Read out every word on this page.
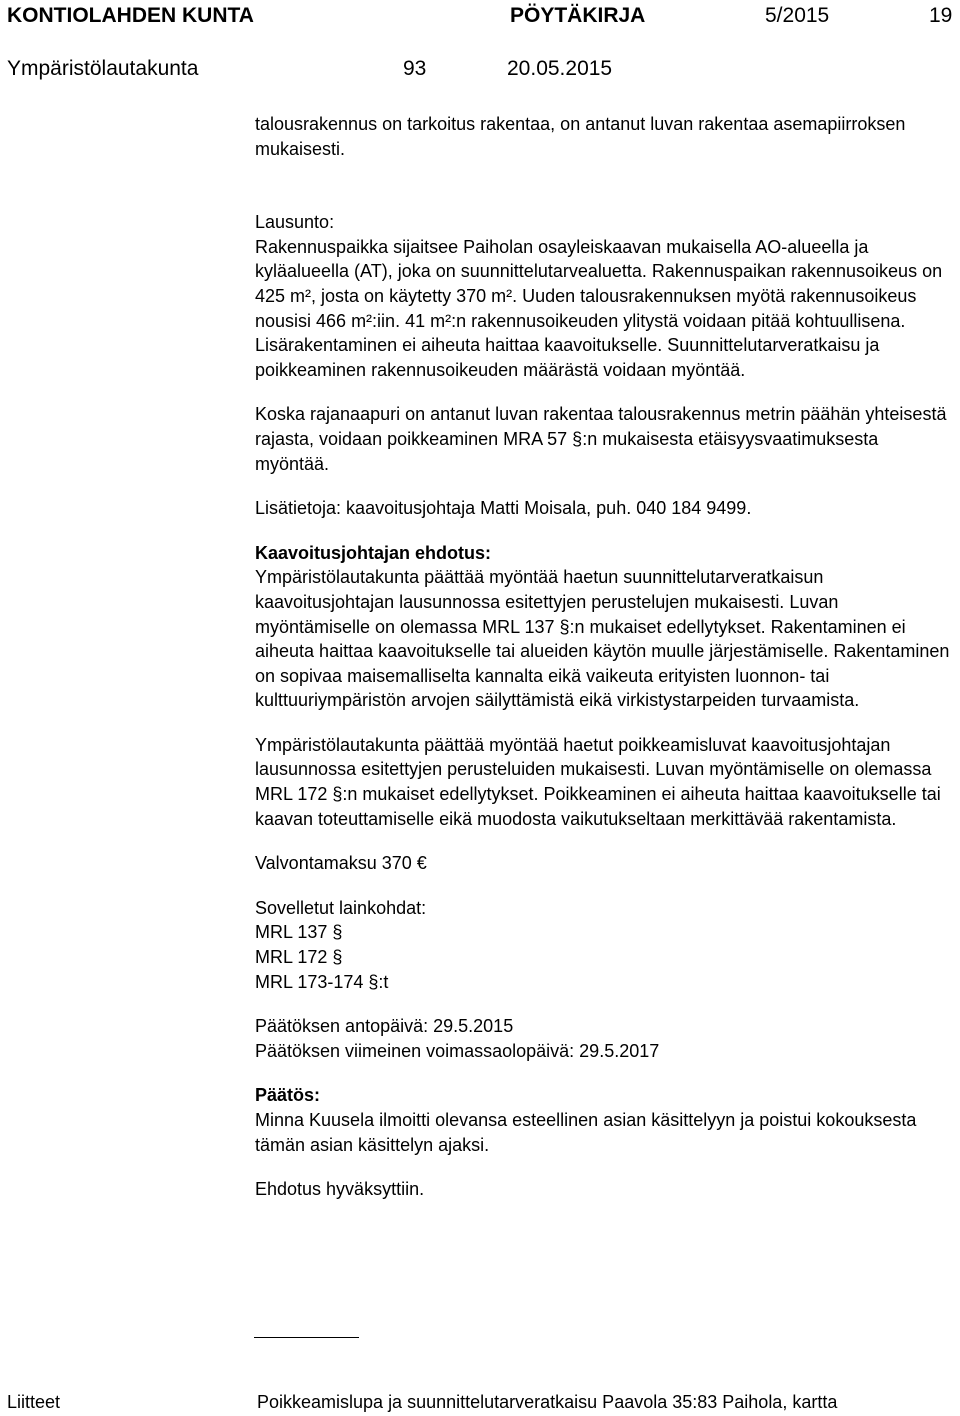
KONTIOLAHDEN KUNTA	PÖYTÄKIRJA	5/2015	19
Ympäristölautakunta	93	20.05.2015

talousrakennus on tarkoitus rakentaa, on antanut luvan rakentaa asemapiirroksen mukaisesti.

Lausunto:

Rakennuspaikka sijaitsee Paiholan osayleiskaavan mukaisella AO-alueella ja kyläalueella (AT), joka on suunnittelutarvealuetta. Rakennuspaikan rakennusoikeus on 425 m², josta on käytetty 370 m². Uuden talousrakennuksen myötä rakennusoikeus nousisi 466 m²:iin. 41 m²:n rakennusoikeuden ylitystä voidaan pitää kohtuullisena. Lisärakentaminen ei aiheuta haittaa kaavoitukselle. Suunnittelutarveratkaisu ja poikkeaminen rakennusoikeuden määrästä voidaan myöntää.

Koska rajanaapuri on antanut luvan rakentaa talousrakennus metrin päähän yhteisestä rajasta, voidaan poikkeaminen MRA 57 §:n mukaisesta etäisyysvaatimuksesta myöntää.

Lisätietoja: kaavoitusjohtaja Matti Moisala, puh. 040 184 9499.

Kaavoitusjohtajan ehdotus:

Ympäristölautakunta päättää myöntää haetun suunnittelutarveratkaisun kaavoitusjohtajan lausunnossa esitettyjen perustelujen mukaisesti. Luvan myöntämiselle on olemassa MRL 137 §:n mukaiset edellytykset. Rakentaminen ei aiheuta haittaa kaavoitukselle tai alueiden käytön muulle järjestämiselle. Rakentaminen on sopivaa maisemalliselta kannalta eikä vaikeuta erityisten luonnon- tai kulttuuriympäristön arvojen säilyttämistä eikä virkistystarpeiden turvaamista.

Ympäristölautakunta päättää myöntää haetut poikkeamisluvat kaavoitusjohtajan lausunnossa esitettyjen perusteluiden mukaisesti. Luvan myöntämiselle on olemassa MRL 172 §:n mukaiset edellytykset. Poikkeaminen ei aiheuta haittaa kaavoitukselle tai kaavan toteuttamiselle eikä muodosta vaikutukseltaan merkittävää rakentamista.

Valvontamaksu 370 €

Sovelletut lainkohdat:

MRL 137 §

MRL 172 §

MRL 173-174 §:t

Päätöksen antopäivä: 29.5.2015

Päätöksen viimeinen voimassaolopäivä: 29.5.2017

Päätös:

Minna Kuusela ilmoitti olevansa esteellinen asian käsittelyyn ja poistui kokouksesta tämän asian käsittelyn ajaksi.

Ehdotus hyväksyttiin.

Liitteet	Poikkeamislupa ja suunnittelutarveratkaisu Paavola 35:83 Paihola, kartta
